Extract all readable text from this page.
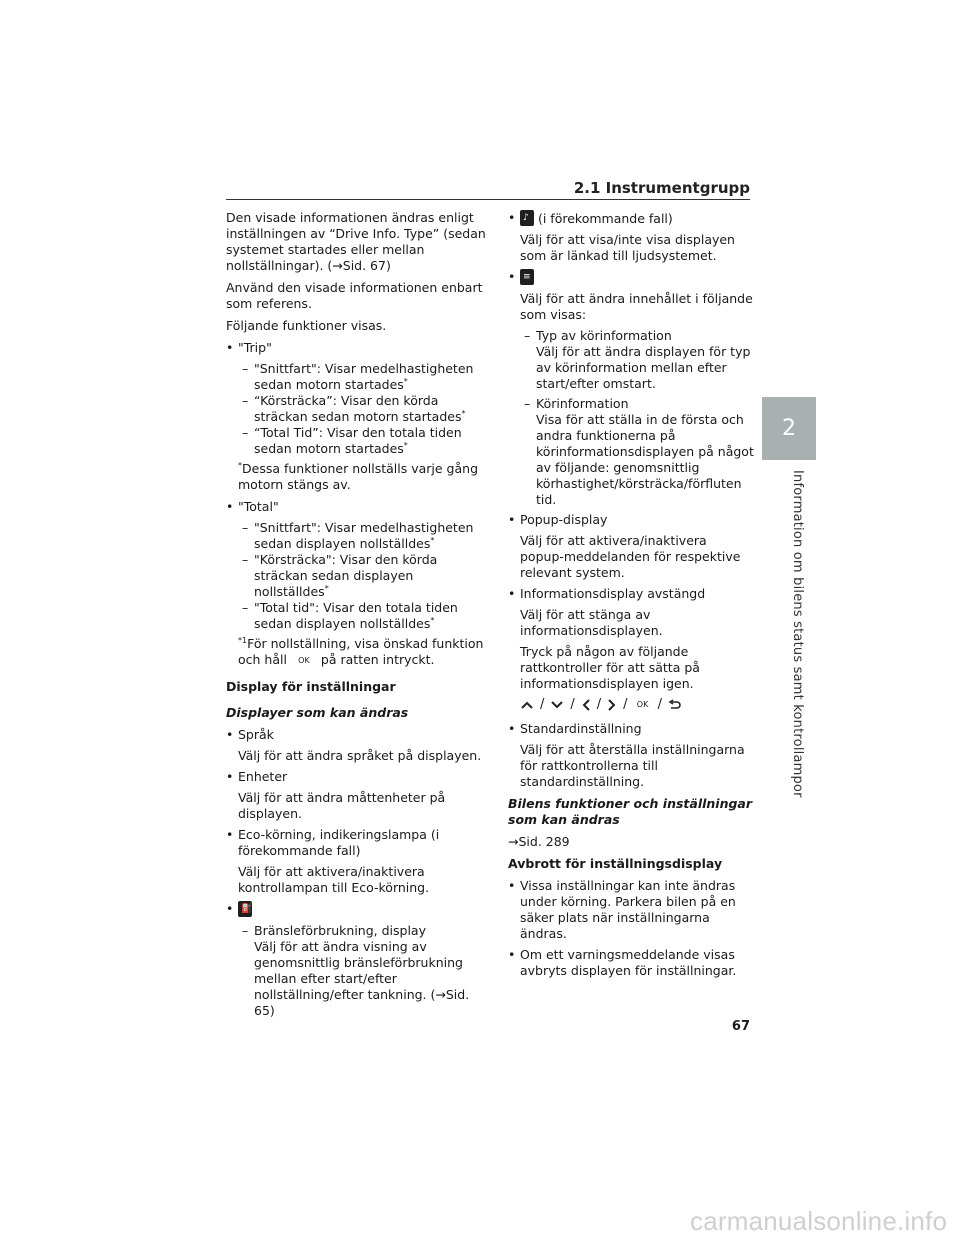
2.1 Instrumentgrupp
2
Information om bilens status samt kontrollampor

Den visade informationen ändras enligt inställningen av “Drive Info. Type” (sedan systemet startades eller mellan nollställningar). (→Sid. 67)

Använd den visade informationen enbart som referens.

Följande funktioner visas.

• "Trip"
– "Snittfart": Visar medelhastigheten sedan motorn startades*
– “Körsträcka”: Visar den körda sträckan sedan motorn startades*
– “Total Tid”: Visar den totala tiden sedan motorn startades*
*Dessa funktioner nollställs varje gång motorn stängs av.
• "Total"
– "Snittfart": Visar medelhastigheten sedan displayen nollställdes*
– "Körsträcka": Visar den körda sträckan sedan displayen nollställdes*
– "Total tid": Visar den totala tiden sedan displayen nollställdes*
$^{*1}$För nollställning, visa önskad funktion och håll OK på ratten intryckt.
Display för inställningar
Displayer som kan ändras
• Språk
Välj för att ändra språket på displayen.
• Enheter
Välj för att ändra måttenheter på displayen.
• Eco-körning, indikeringslampa (i förekommande fall)
Välj för att aktivera/inaktivera kontrollampan till Eco-körning.
• ⛽
– Bränsleförbrukning, display
Välj för att ändra visning av genomsnittlig bränsleförbrukning mellan efter start/efter nollställning/efter tankning. (→Sid. 65)
• ♪ (i förekommande fall)
Välj för att visa/inte visa displayen som är länkad till ljudsystemet.
• ≡
Välj för att ändra innehållet i följande som visas:
– Typ av körinformation
Välj för att ändra displayen för typ av körinformation mellan efter start/efter omstart.
– Körinformation
Visa för att ställa in de första och andra funktionerna på körinformationsdisplayen på något av följande: genomsnittlig körhastighet/körsträcka/förfluten tid.
• Popup-display
Välj för att aktivera/inaktivera popup-meddelanden för respektive relevant system.
• Informationsdisplay avstängd
Välj för att stänga av informationsdisplayen.
Tryck på någon av följande rattkontroller för att sätta på informationsdisplayen igen.
/ / / /	OK /
• Standardinställning
Välj för att återställa inställningarna för rattkontrollerna till standardinställning.
Bilens funktioner och inställningar som kan ändras

→Sid. 289

Avbrott för inställningsdisplay
• Vissa inställningar kan inte ändras under körning. Parkera bilen på en säker plats när inställningarna ändras.
• Om ett varningsmeddelande visas avbryts displayen för inställningar.
67
carmanualsonline.info
